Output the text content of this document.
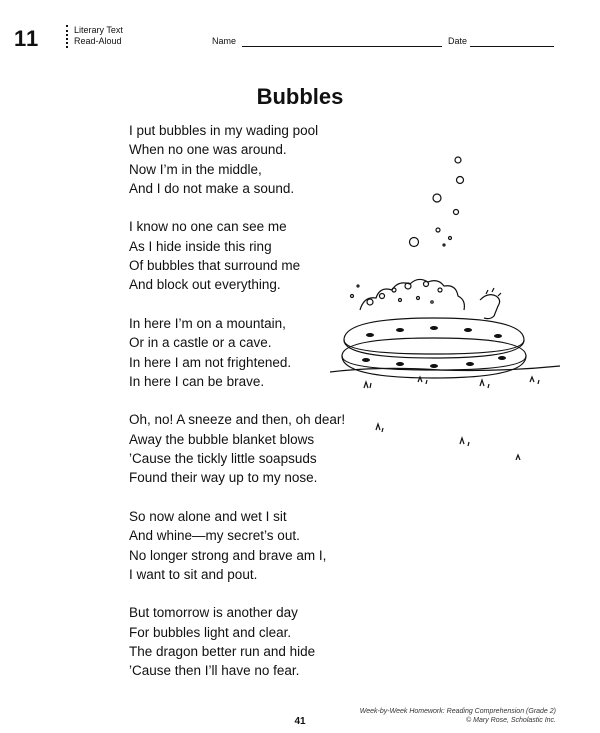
11	Literary Text
Read-Aloud	Name	Date
Bubbles
I put bubbles in my wading pool
When no one was around.
Now I’m in the middle,
And I do not make a sound.
I know no one can see me
As I hide inside this ring
Of bubbles that surround me
And block out everything.
In here I’m on a mountain,
Or in a castle or a cave.
In here I am not frightened.
In here I can be brave.
Oh, no! A sneeze and then, oh dear!
Away the bubble blanket blows
’Cause the tickly little soapsuds
Found their way up to my nose.
So now alone and wet I sit
And whine—my secret’s out.
No longer strong and brave am I,
I want to sit and pout.
But tomorrow is another day
For bubbles light and clear.
The dragon better run and hide
’Cause then I’ll have no fear.
Week-by-Week Homework: Reading Comprehension (Grade 2)
© Mary Rose, Scholastic Inc.
41
